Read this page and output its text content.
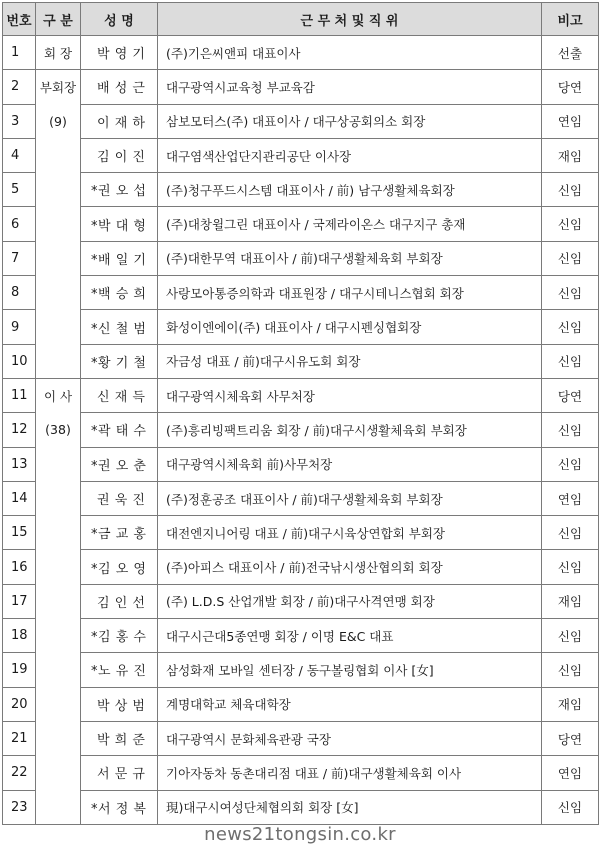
번호	구 분	성 명	근 무 처 및 직 위	비고
1	회 장	박 영 기	(주)기은씨앤피 대표이사	선출
2	부회장	배 성 근	대구광역시교육청 부교육감	당연
3	(9)	이 재 하	삼보모터스(주) 대표이사 / 대구상공회의소 회장	연임
4		김 이 진	대구염색산업단지관리공단 이사장	재임
5		*권 오 섭	(주)청구푸드시스템 대표이사 / 前) 남구생활체육회장	신임
6		*박 대 형	(주)대창윌그린 대표이사 / 국제라이온스 대구지구 총재	신임
7		*배 일 기	(주)대한무역 대표이사 / 前)대구생활체육회 부회장	신임
8		*백 승 희	사랑모아통증의학과 대표원장 / 대구시테니스협회 회장	신임
9		*신 철 범	화성이엔에이(주) 대표이사 / 대구시펜싱협회장	신임
10		*황 기 철	자금성 대표 / 前)대구시유도회 회장	신임
11	이 사	신 재 득	대구광역시체육회 사무처장	당연
12	(38)	*곽 태 수	(주)흥리빙팩트리움 회장 / 前)대구시생활체육회 부회장	신임
13		*권 오 춘	대구광역시체육회 前)사무처장	신임
14		권 욱 진	(주)정훈공조 대표이사 / 前)대구생활체육회 부회장	연임
15		*금 교 홍	대전엔지니어링 대표 / 前)대구시육상연합회 부회장	신임
16		*김 오 영	(주)아피스 대표이사 / 前)전국낚시생산협의회 회장	신임
17		김 인 선	(주) L.D.S 산업개발 회장 / 前)대구사격연맹 회장	재임
18		*김 홍 수	대구시근대5종연맹 회장 / 이명 E&C 대표	신임
19		*노 유 진	삼성화재 모바일 센터장 / 동구볼링협회 이사 [女]	신임
20		박 상 범	계명대학교 체육대학장	재임
21		박 희 준	대구광역시 문화체육관광 국장	당연
22		서 문 규	기아자동차 동촌대리점 대표 / 前)대구생활체육회 이사	연임
23		*서 정 복	現)대구시여성단체협의회 회장 [女]	신임
news21tongsin.co.kr
